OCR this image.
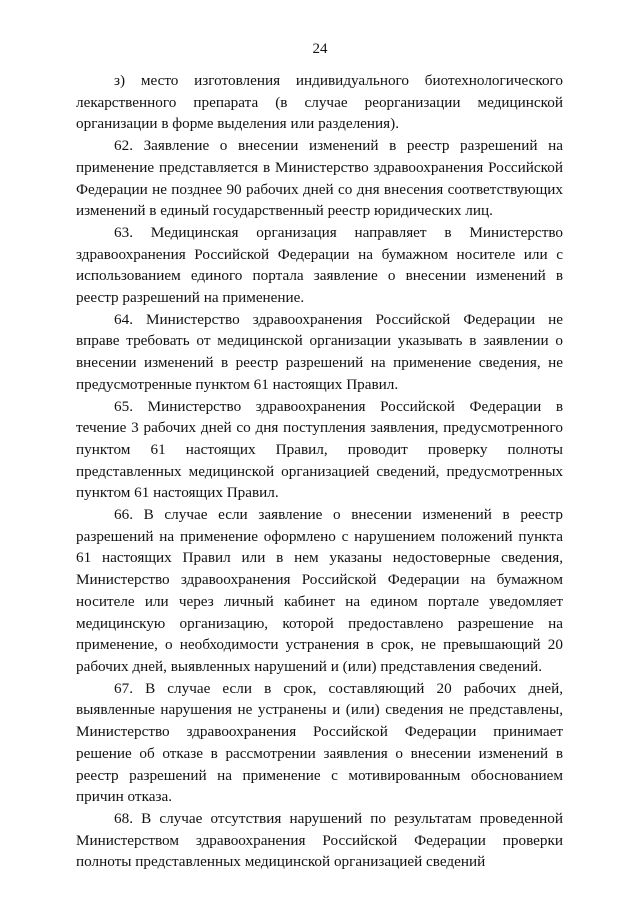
24

з) место изготовления индивидуального биотехнологического лекарственного препарата (в случае реорганизации медицинской организации в форме выделения или разделения).

62. Заявление о внесении изменений в реестр разрешений на применение представляется в Министерство здравоохранения Российской Федерации не позднее 90 рабочих дней со дня внесения соответствующих изменений в единый государственный реестр юридических лиц.

63. Медицинская организация направляет в Министерство здравоохранения Российской Федерации на бумажном носителе или с использованием единого портала заявление о внесении изменений в реестр разрешений на применение.

64. Министерство здравоохранения Российской Федерации не вправе требовать от медицинской организации указывать в заявлении о внесении изменений в реестр разрешений на применение сведения, не предусмотренные пунктом 61 настоящих Правил.

65. Министерство здравоохранения Российской Федерации в течение 3 рабочих дней со дня поступления заявления, предусмотренного пунктом 61 настоящих Правил, проводит проверку полноты представленных медицинской организацией сведений, предусмотренных пунктом 61 настоящих Правил.

66. В случае если заявление о внесении изменений в реестр разрешений на применение оформлено с нарушением положений пункта 61 настоящих Правил или в нем указаны недостоверные сведения, Министерство здравоохранения Российской Федерации на бумажном носителе или через личный кабинет на едином портале уведомляет медицинскую организацию, которой предоставлено разрешение на применение, о необходимости устранения в срок, не превышающий 20 рабочих дней, выявленных нарушений и (или) представления сведений.

67. В случае если в срок, составляющий 20 рабочих дней, выявленные нарушения не устранены и (или) сведения не представлены, Министерство здравоохранения Российской Федерации принимает решение об отказе в рассмотрении заявления о внесении изменений в реестр разрешений на применение с мотивированным обоснованием причин отказа.

68. В случае отсутствия нарушений по результатам проведенной Министерством здравоохранения Российской Федерации проверки полноты представленных медицинской организацией сведений
